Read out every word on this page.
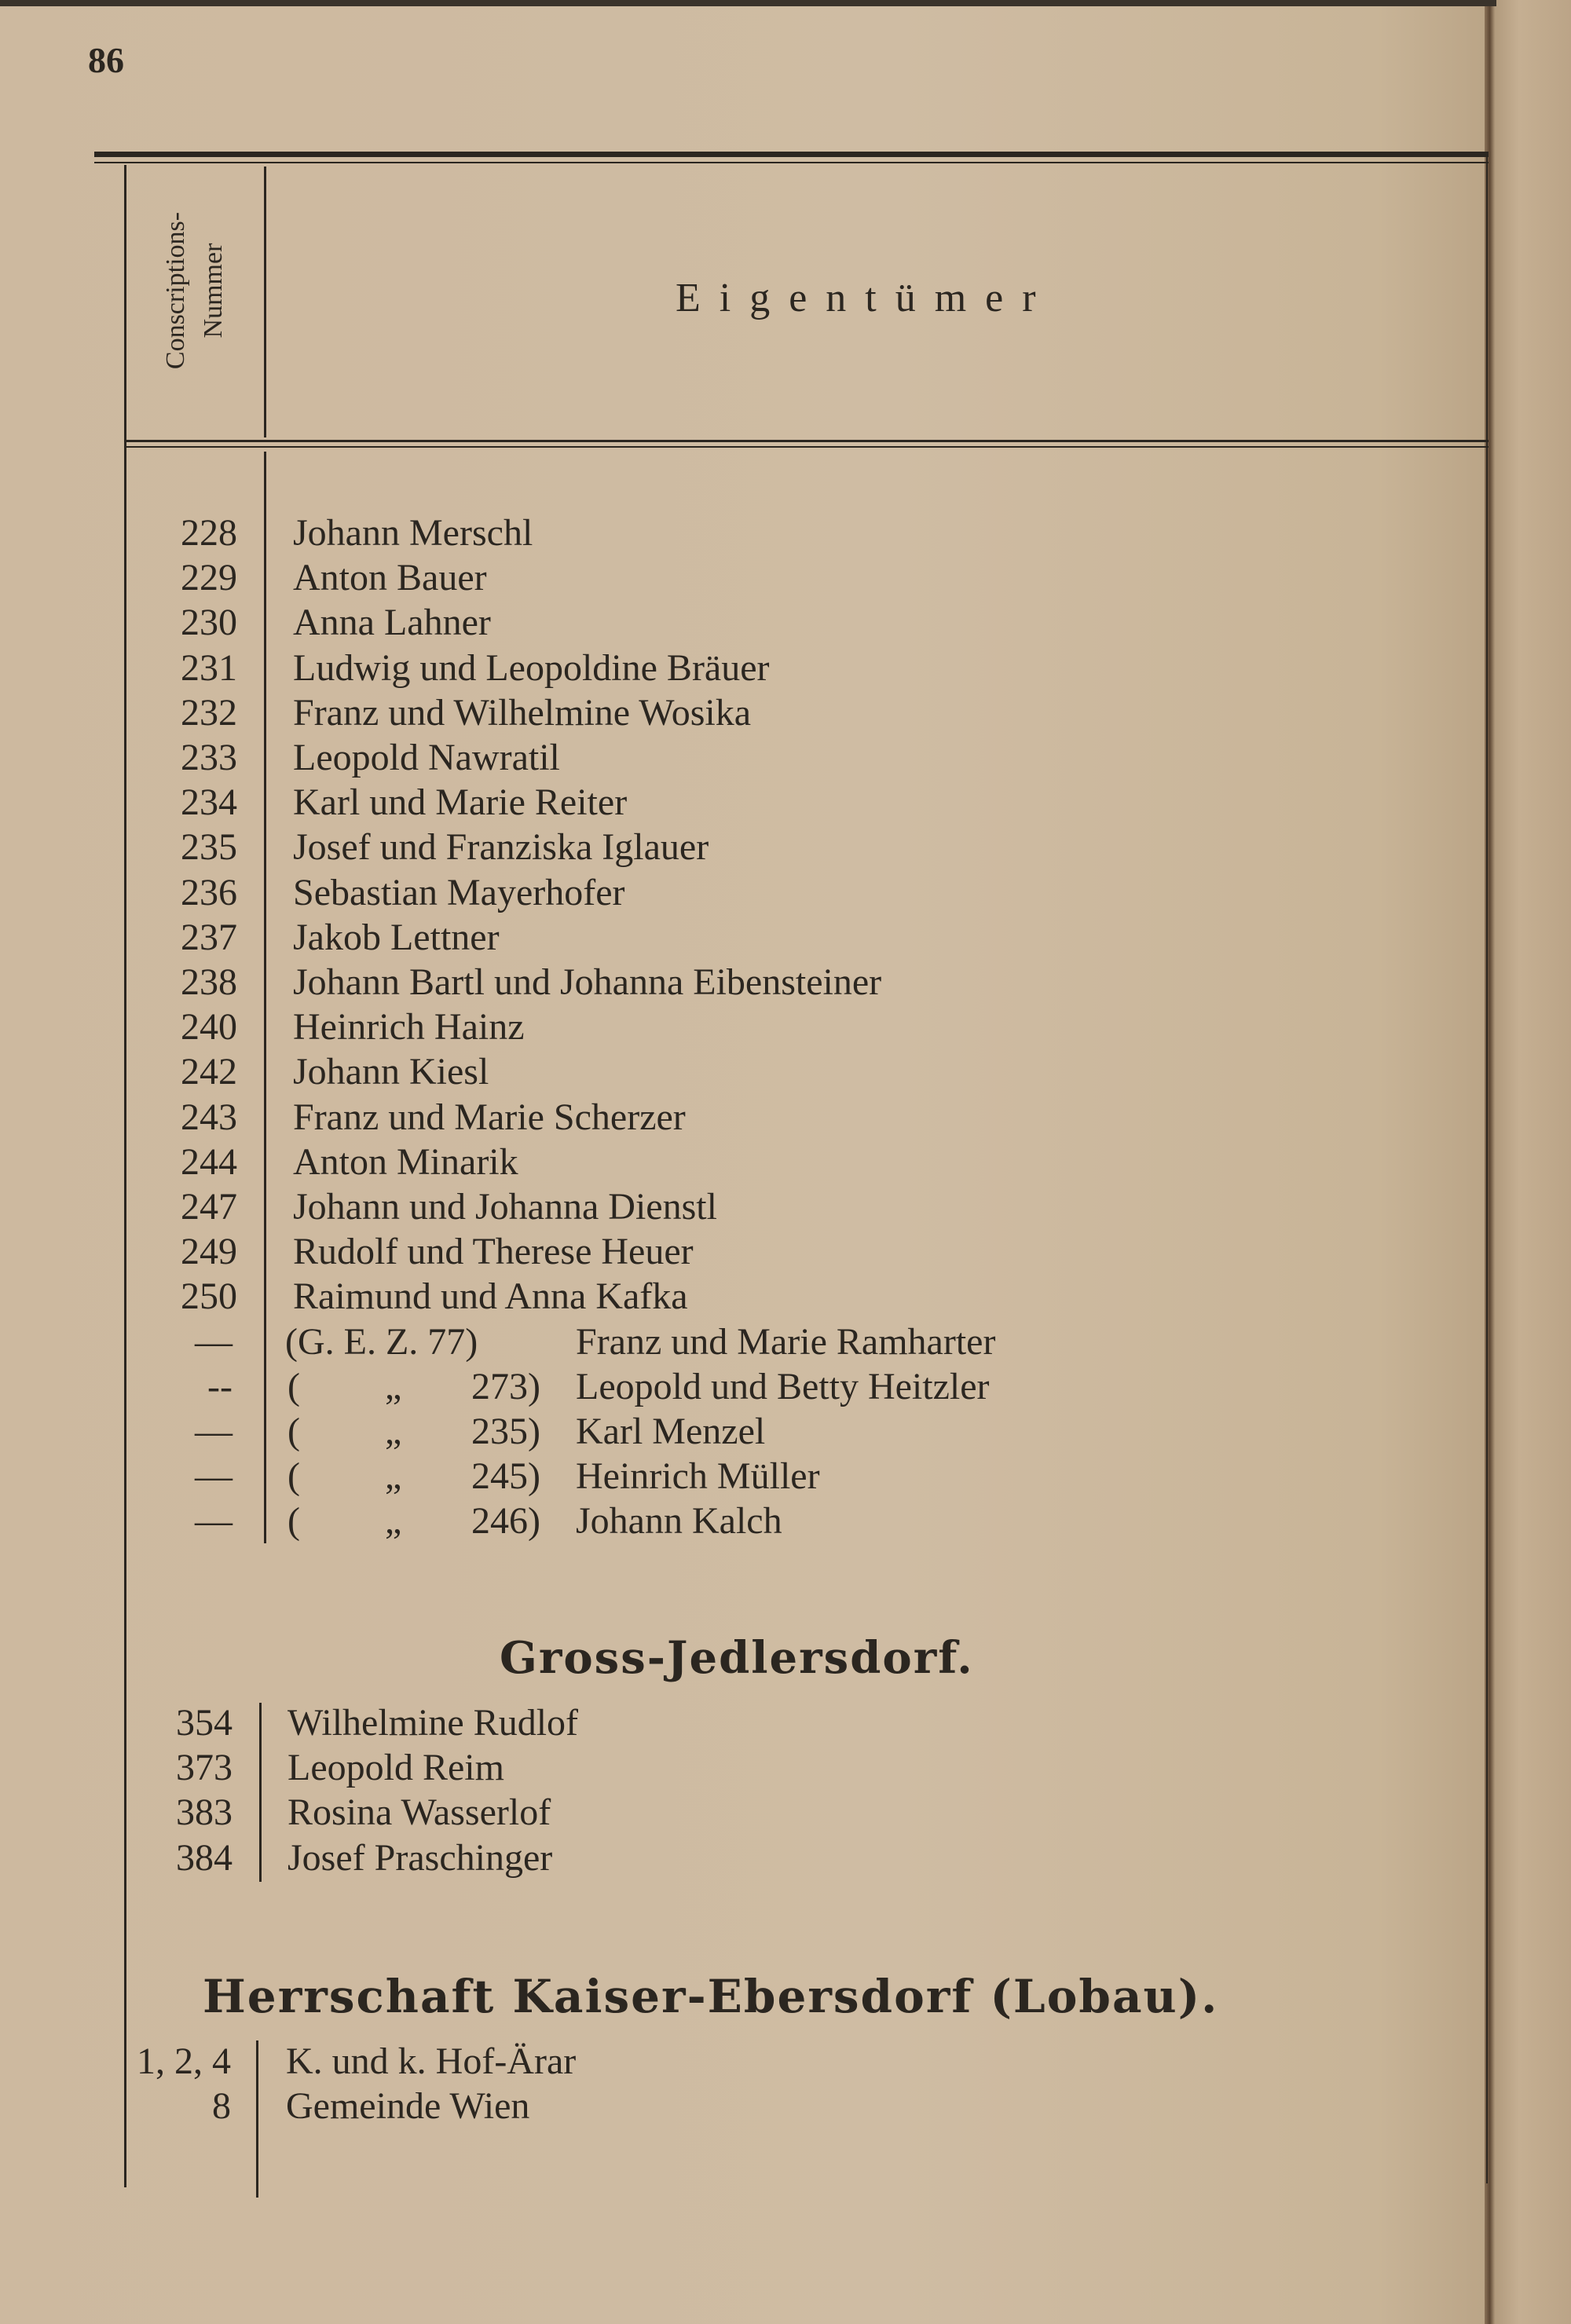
86
Conscriptions- Nummer	Eigentümer
228 Johann Merschl
229 Anton Bauer
230 Anna Lahner
231 Ludwig und Leopoldine Bräuer
232 Franz und Wilhelmine Wosika
233 Leopold Nawratil
234 Karl und Marie Reiter
235 Josef und Franziska Iglauer
236 Sebastian Mayerhofer
237 Jakob Lettner
238 Johann Bartl und Johanna Eibensteiner
240 Heinrich Hainz
242 Johann Kiesl
243 Franz und Marie Scherzer
244 Anton Minarik
247 Johann und Johanna Dienstl
249 Rudolf und Therese Heuer
250 Raimund und Anna Kafka
— (G. E. Z. 77)	Franz und Marie Ramharter
-- ( „ 273) Leopold und Betty Heitzler
— ( „ 235) Karl Menzel
— ( „ 245) Heinrich Müller
— ( „ 246) Johann Kalch
Gross-Jedlersdorf.
354 Wilhelmine Rudlof
373 Leopold Reim
383 Rosina Wasserlof
384 Josef Praschinger
Herrschaft Kaiser-Ebersdorf (Lobau).
1, 2, 4 K. und k. Hof-Ärar
8 Gemeinde Wien
